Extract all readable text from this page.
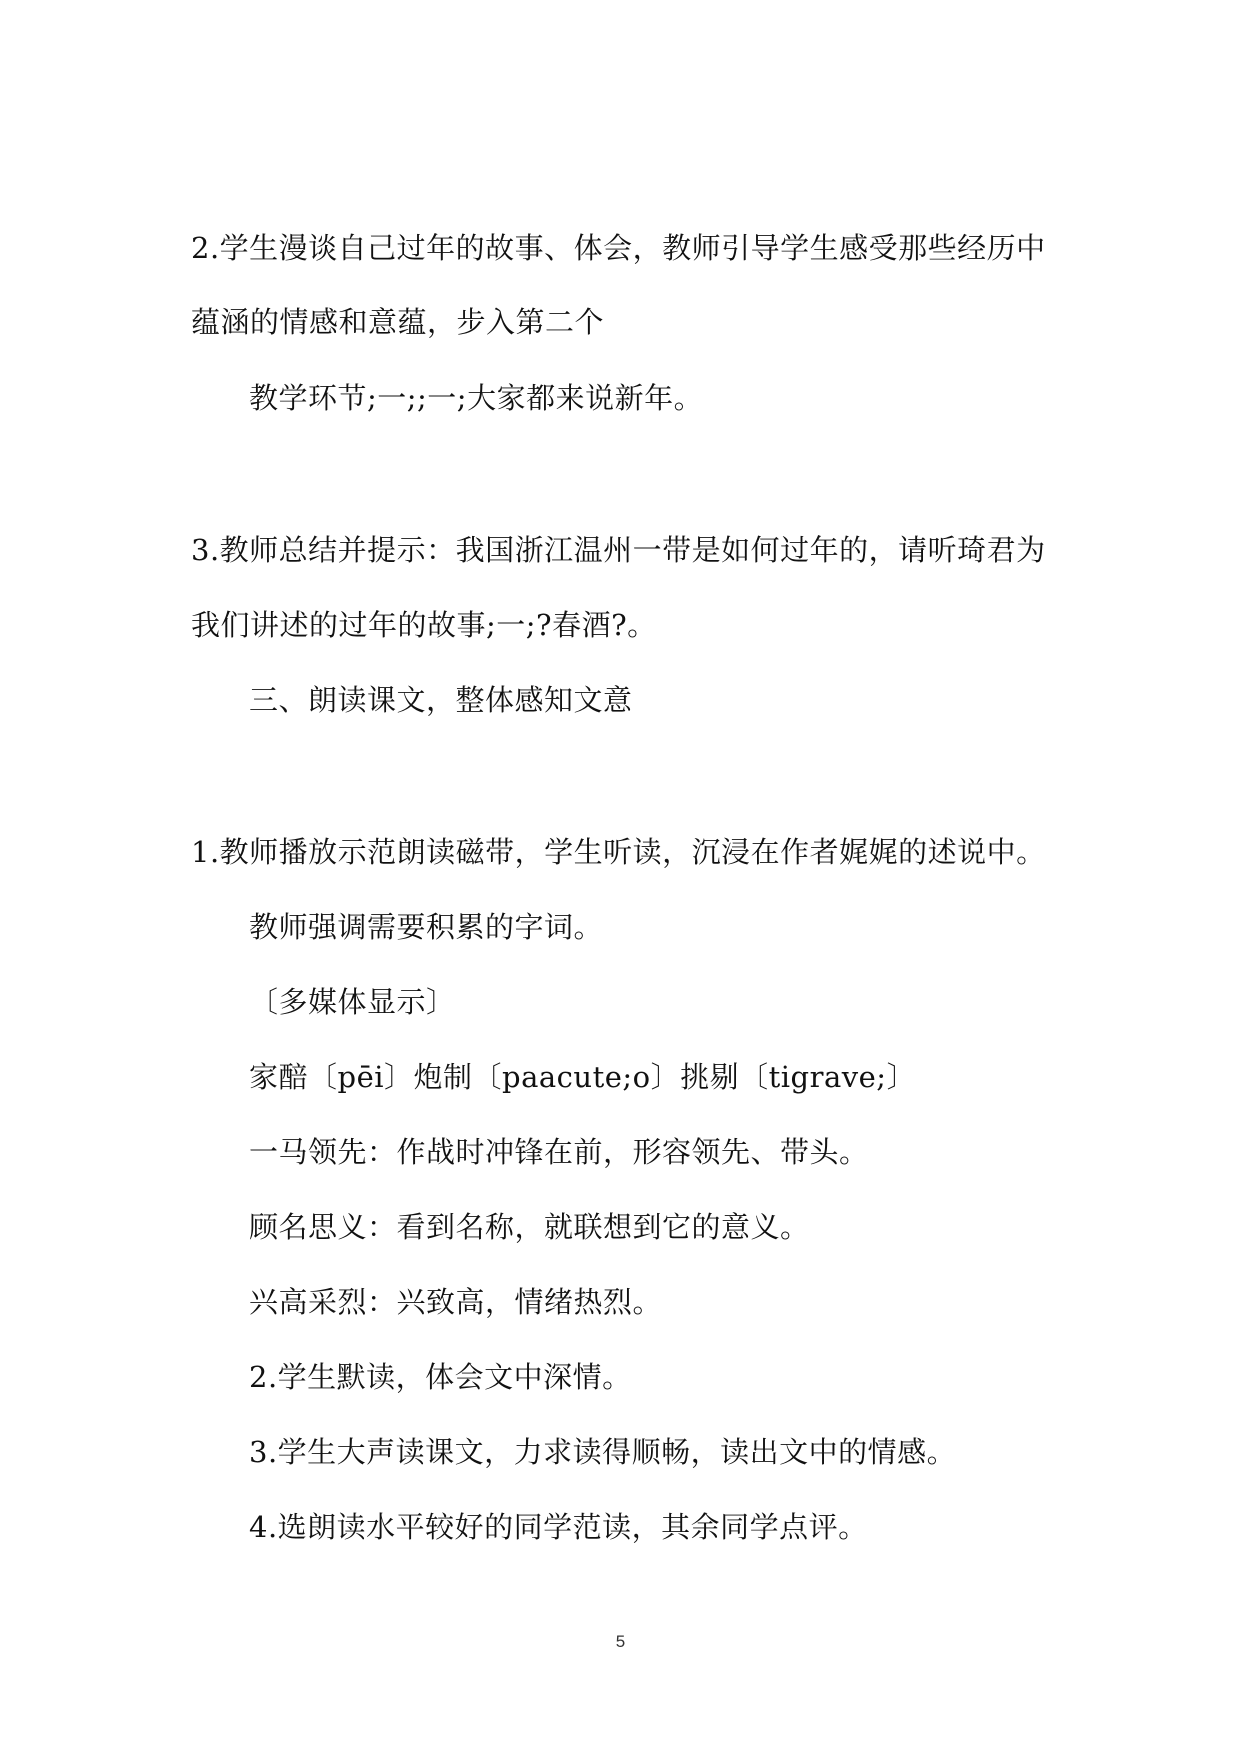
2.学生漫谈自己过年的故事、体会，教师引导学生感受那些经历中
蕴涵的情感和意蕴，步入第二个
教学环节;一;;一;大家都来说新年。
3.教师总结并提示：我国浙江温州一带是如何过年的，请听琦君为
我们讲述的过年的故事;一;?春酒?。
三、朗读课文，整体感知文意
1.教师播放示范朗读磁带，学生听读，沉浸在作者娓娓的述说中。
教师强调需要积累的字词。
〔多媒体显示〕
家醅〔pēi〕炮制〔paacute;o〕挑剔〔tigrave;〕
一马领先：作战时冲锋在前，形容领先、带头。
顾名思义：看到名称，就联想到它的意义。
兴高采烈：兴致高，情绪热烈。
2.学生默读，体会文中深情。
3.学生大声读课文，力求读得顺畅，读出文中的情感。
4.选朗读水平较好的同学范读，其余同学点评。
5
